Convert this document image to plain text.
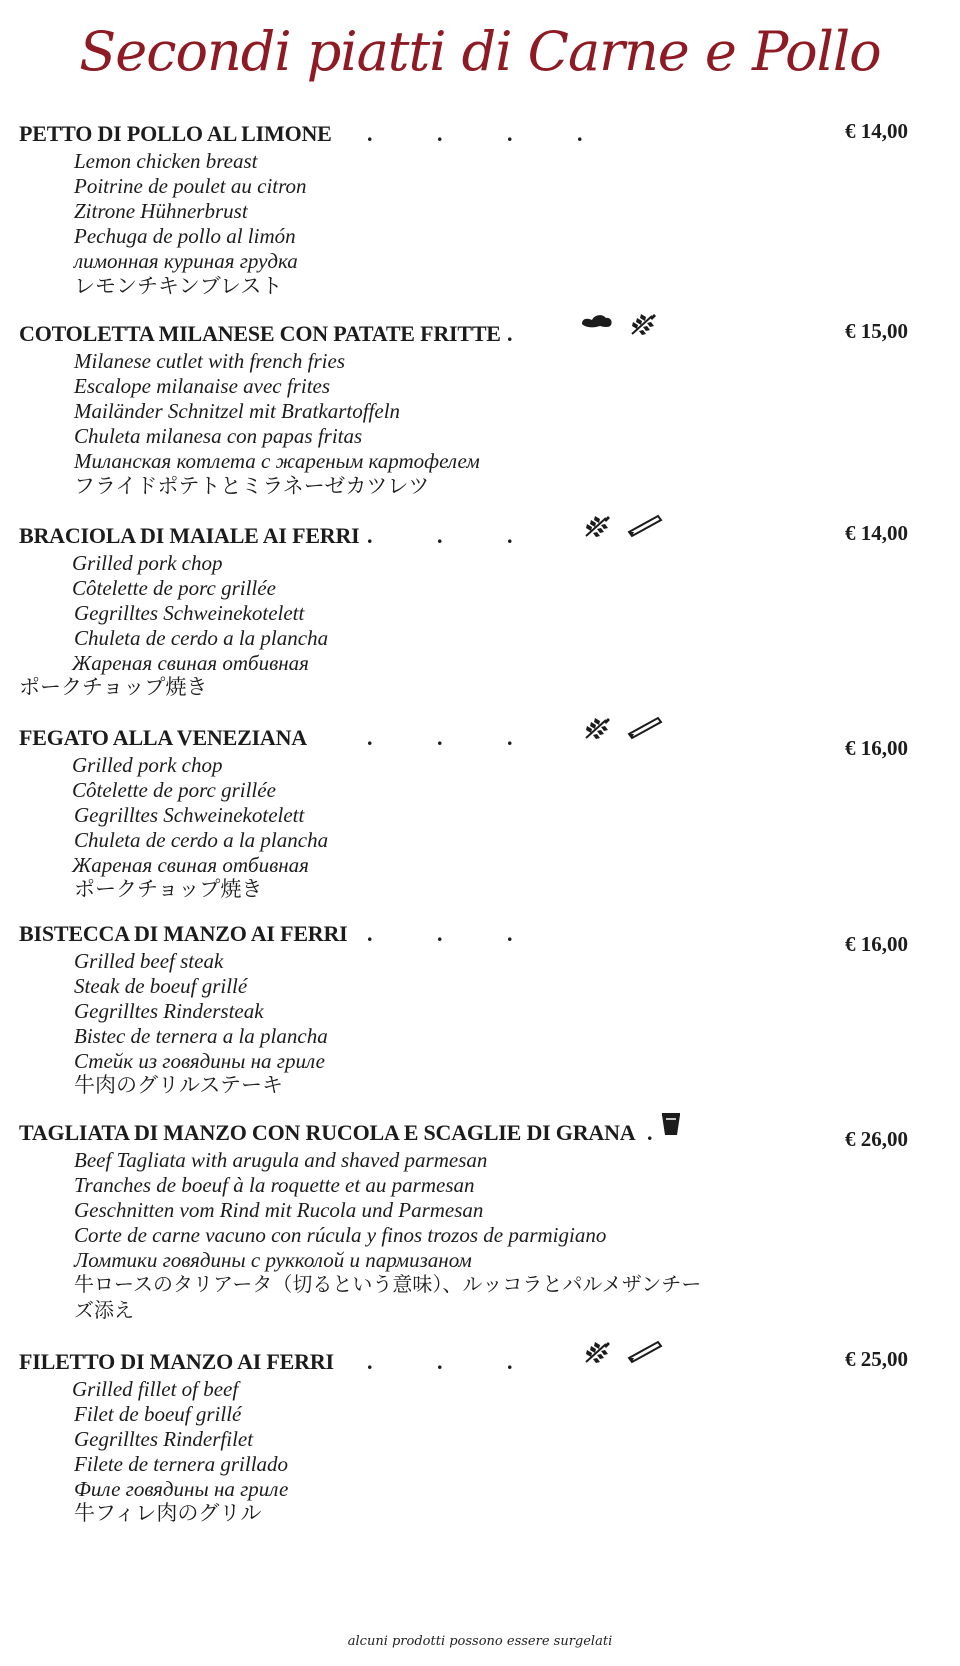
Secondi piatti di Carne e Pollo
PETTO DI POLLO AL LIMONE .	.	.	.	€ 14,00
Lemon chicken breast
Poitrine de poulet au citron
Zitrone Hühnerbrust
Pechuga de pollo al limón
лимонная куриная грудка
レモンチキンブレスト
COTOLETTA MILANESE CON PATATE FRITTE .	€ 15,00
Milanese cutlet with french fries
Escalope milanaise avec frites
Mailänder Schnitzel mit Bratkartoffeln
Chuleta milanesa con papas fritas
Миланская котлета с жареным картофелем
フライドポテトとミラネーゼカツレツ
BRACIOLA DI MAIALE AI FERRI .	.	.	€ 14,00
Grilled pork chop
Côtelette de porc grillée
Gegrilltes Schweinekotelett
Chuleta de cerdo a la plancha
Жареная свиная отбивная
ポークチョップ焼き
FEGATO ALLA VENEZIANA	.	.	.	€ 16,00
Grilled pork chop
Côtelette de porc grillée
Gegrilltes Schweinekotelett
Chuleta de cerdo a la plancha
Жареная свиная отбивная
ポークチョップ焼き
BISTECCA DI MANZO AI FERRI .	.	.	€ 16,00
Grilled beef steak
Steak de boeuf grillé
Gegrilltes Rindersteak
Bistec de ternera a la plancha
Стейк из говядины на гриле
牛肉のグリルステーキ
TAGLIATA DI MANZO CON RUCOLA E SCAGLIE DI GRANA .	€ 26,00
Beef Tagliata with arugula and shaved parmesan
Tranches de boeuf à la roquette et au parmesan
Geschnitten vom Rind mit Rucola und Parmesan
Corte de carne vacuno con rúcula y finos trozos de parmigiano
Ломтики говядины с рукколой и пармизаном
牛ロースのタリアータ（切るという意味）、ルッコラとパルメザンチー
ズ添え
FILETTO DI MANZO AI FERRI .	.	.	€ 25,00
Grilled fillet of beef
Filet de boeuf grillé
Gegrilltes Rinderfilet
Filete de ternera grillado
Филе говядины на гриле
牛フィレ肉のグリル
alcuni prodotti possono essere surgelati
